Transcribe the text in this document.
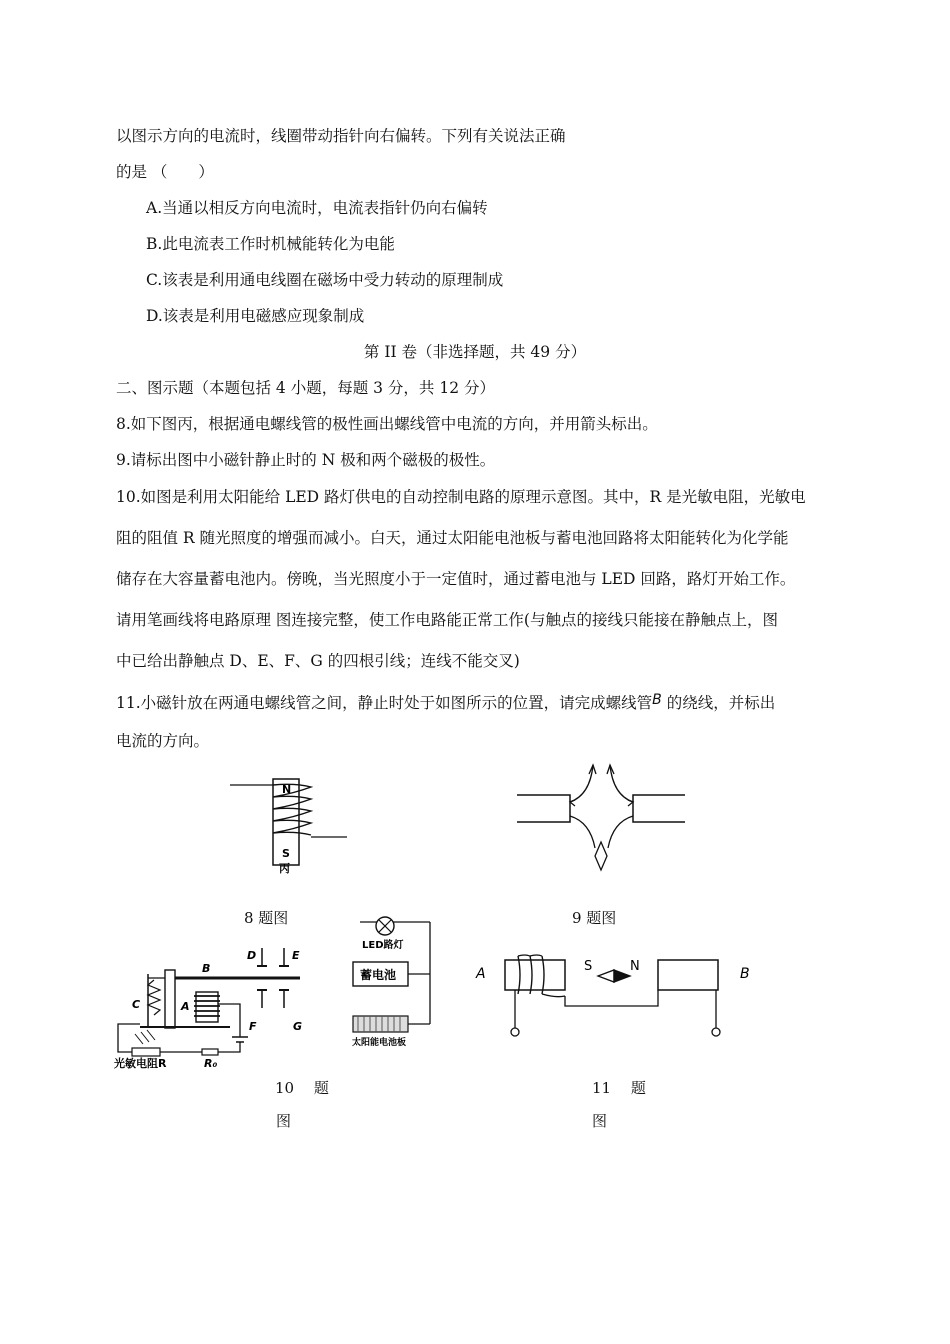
以图示方向的电流时，线圈带动指针向右偏转。下列有关说法正确
的是 （　　）
A.当通以相反方向电流时，电流表指针仍向右偏转
B.此电流表工作时机械能转化为电能
C.该表是利用通电线圈在磁场中受力转动的原理制成
D.该表是利用电磁感应现象制成
第 II 卷（非选择题，共 49 分）
二、图示题（本题包括 4 小题，每题 3 分，共 12 分）
8.如下图丙，根据通电螺线管的极性画出螺线管中电流的方向，并用箭头标出。
9.请标出图中小磁针静止时的 N 极和两个磁极的极性。
10.如图是利用太阳能给 LED 路灯供电的自动控制电路的原理示意图。其中，R 是光敏电阻，光敏电
阻的阻值 R 随光照度的增强而减小。白天，通过太阳能电池板与蓄电池回路将太阳能转化为化学能
储存在大容量蓄电池内。傍晚，当光照度小于一定值时，通过蓄电池与 LED 回路，路灯开始工作。
请用笔画线将电路原理 图连接完整，使工作电路能正常工作(与触点的接线只能接在静触点上，图
中已给出静触点 D、E、F、G 的四根引线；连线不能交叉)
11.小磁针放在两通电螺线管之间，静止时处于如图所示的位置，请完成螺线管B 的绕线，并标出
电流的方向。
N
S
丙
8 题图	9 题图
LED路灯
蓄电池
太阳能电池板
D	E
F	G
B
C	A
光敏电阻R	R₀
10　 题
图
A	S	N	B
11　 题
图
